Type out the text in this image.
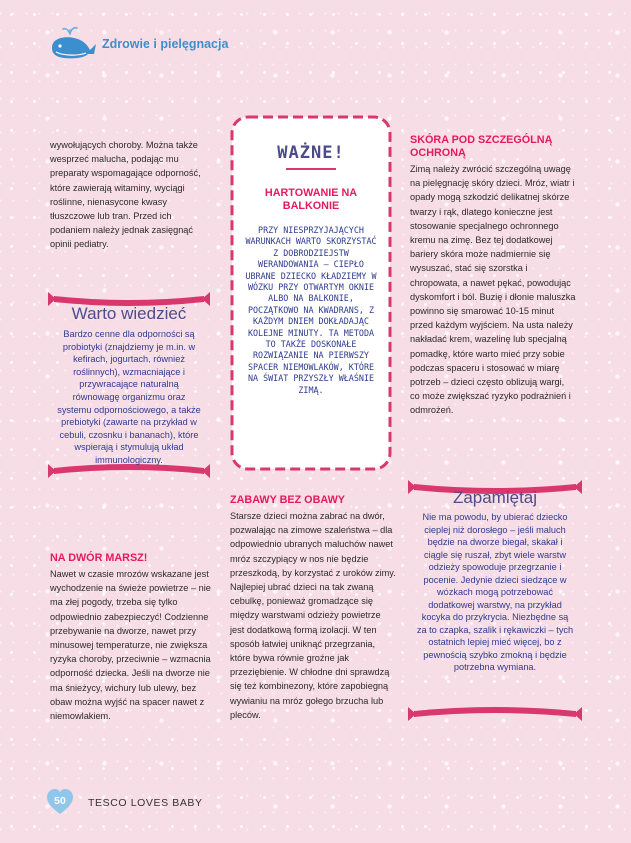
Zdrowie i pielęgnacja

wywołujących choroby. Można także wesprzeć malucha, podając mu preparaty wspomagające odporność, które zawierają witaminy, wyciągi roślinne, nienasycone kwasy tłuszczowe lub tran. Przed ich podaniem należy jednak zasięgnąć opinii pediatry.

Warto wiedzieć

Bardzo cenne dla odporności są probiotyki (znajdziemy je m.in. w kefirach, jogurtach, również roślinnych), wzmacniające i przywracające naturalną równowagę organizmu oraz systemu odpornościowego, a także prebiotyki (zawarte na przykład w cebuli, czosnku i bananach), które wspierają i stymulują układ immunologiczny.

NA DWÓR MARSZ!

Nawet w czasie mrozów wskazane jest wychodzenie na świeże powietrze – nie ma złej pogody, trzeba się tylko odpowiednio zabezpieczyć! Codzienne przebywanie na dworze, nawet przy minusowej temperaturze, nie zwiększa ryzyka choroby, przeciwnie – wzmacnia odporność dziecka. Jeśli na dworze nie ma śnieżycy, wichury lub ulewy, bez obaw można wyjść na spacer nawet z niemowlakiem.

WAŻNE!

HARTOWANIE NA BALKONIE

PRZY NIESPRZYJAJĄCYCH WARUNKACH WARTO SKORZYSTAĆ Z DOBRODZIEJSTW WERANDOWANIA – CIEPŁO UBRANE DZIECKO KŁADZIEMY W WÓZKU PRZY OTWARTYM OKNIE ALBO NA BALKONIE, POCZĄTKOWO NA KWADRANS, Z KAŻDYM DNIEM DOKŁADAJĄC KOLEJNE MINUTY. TA METODA TO TAKŻE DOSKONAŁE ROZWIĄZANIE NA PIERWSZY SPACER NIEMOWLAKÓW, KTÓRE NA ŚWIAT PRZYSZŁY WŁAŚNIE ZIMĄ.

ZABAWY BEZ OBAWY

Starsze dzieci można zabrać na dwór, pozwalając na zimowe szaleństwa – dla odpowiednio ubranych maluchów nawet mróz szczypiący w nos nie będzie przeszkodą, by korzystać z uroków zimy. Najlepiej ubrać dzieci na tak zwaną cebulkę, ponieważ gromadzące się między warstwami odzieży powietrze jest dodatkową formą izolacji. W ten sposób łatwiej uniknąć przegrzania, które bywa równie groźne jak przeziębienie. W chłodne dni sprawdzą się też kombinezony, które zapobiegną wywianiu na mróz gołego brzucha lub pleców.

SKÓRA POD SZCZEGÓLNĄ OCHRONĄ

Zimą należy zwrócić szczególną uwagę na pielęgnację skóry dzieci. Mróz, wiatr i opady mogą szkodzić delikatnej skórze twarzy i rąk, dlatego konieczne jest stosowanie specjalnego ochronnego kremu na zimę. Bez tej dodatkowej bariery skóra może nadmiernie się wysuszać, stać się szorstka i chropowata, a nawet pękać, powodując dyskomfort i ból. Buzię i dłonie maluszka powinno się smarować 10-15 minut przed każdym wyjściem. Na usta należy nakładać krem, wazelinę lub specjalną pomadkę, które warto mieć przy sobie podczas spaceru i stosować w miarę potrzeb – dzieci często oblizują wargi, co może zwiększać ryzyko podrażnień i odmrożeń.

Zapamiętaj

Nie ma powodu, by ubierać dziecko cieplej niż dorosłego – jeśli maluch będzie na dworze biegał, skakał i ciągle się ruszał, zbyt wiele warstw odzieży spowoduje przegrzanie i pocenie. Jedynie dzieci siedzące w wózkach mogą potrzebować dodatkowej warstwy, na przykład kocyka do przykrycia. Niezbędne są za to czapka, szalik i rękawiczki – tych ostatnich lepiej mieć więcej, bo z pewnością szybko zmokną i będzie potrzebna wymiana.

50	TESCO LOVES BABY
